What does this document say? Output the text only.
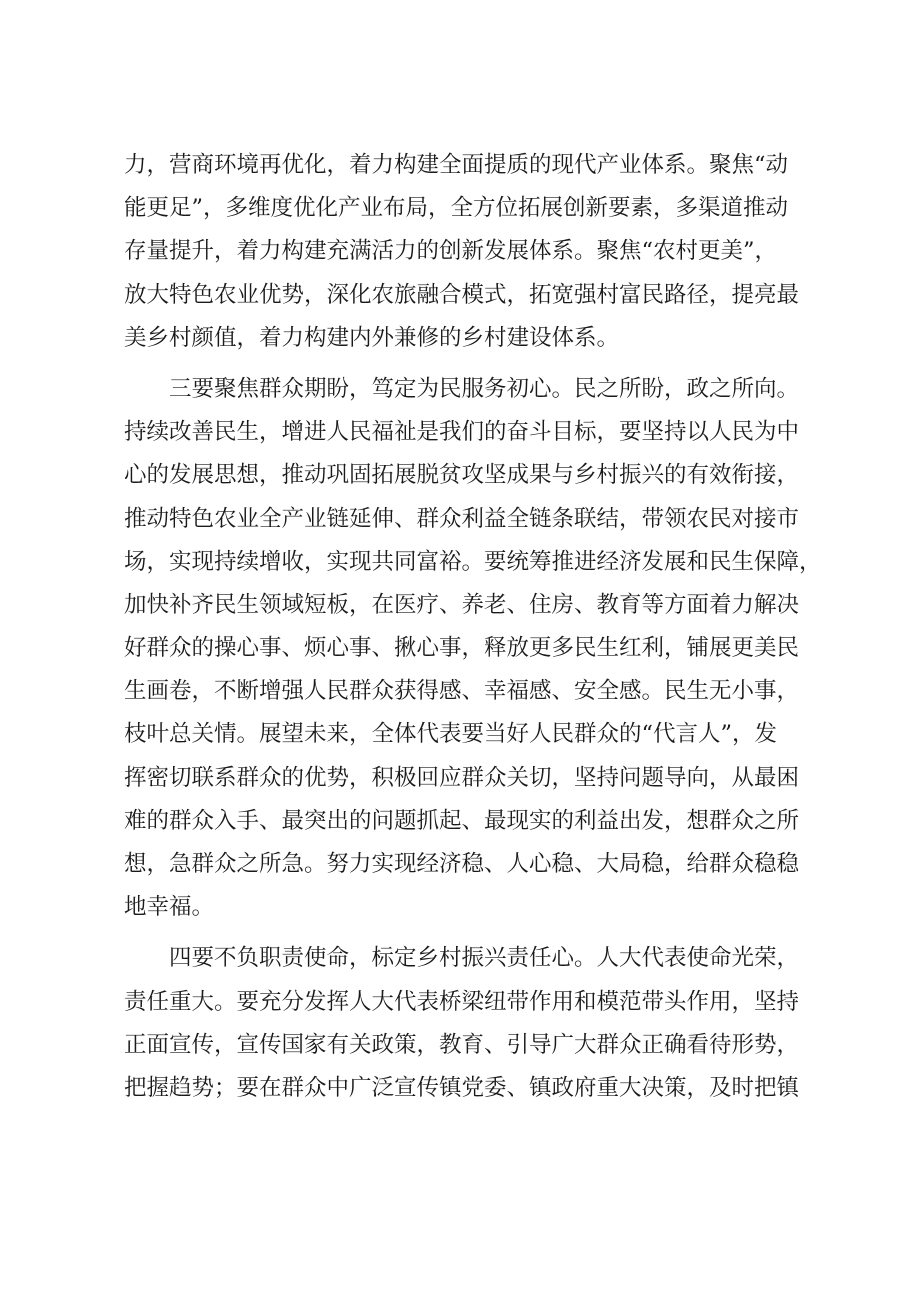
力，营商环境再优化，着力构建全面提质的现代产业体系。聚焦“动
能更足”，多维度优化产业布局，全方位拓展创新要素，多渠道推动
存量提升，着力构建充满活力的创新发展体系。聚焦“农村更美”，
放大特色农业优势，深化农旅融合模式，拓宽强村富民路径，提亮最
美乡村颜值，着力构建内外兼修的乡村建设体系。
　　三要聚焦群众期盼，笃定为民服务初心。民之所盼，政之所向。
持续改善民生，增进人民福祉是我们的奋斗目标，要坚持以人民为中
心的发展思想，推动巩固拓展脱贫攻坚成果与乡村振兴的有效衔接，
推动特色农业全产业链延伸、群众利益全链条联结，带领农民对接市
场，实现持续增收，实现共同富裕。要统筹推进经济发展和民生保障，
加快补齐民生领域短板，在医疗、养老、住房、教育等方面着力解决
好群众的操心事、烦心事、揪心事，释放更多民生红利，铺展更美民
生画卷，不断增强人民群众获得感、幸福感、安全感。民生无小事，
枝叶总关情。展望未来，全体代表要当好人民群众的“代言人”，发
挥密切联系群众的优势，积极回应群众关切，坚持问题导向，从最困
难的群众入手、最突出的问题抓起、最现实的利益出发，想群众之所
想，急群众之所急。努力实现经济稳、人心稳、大局稳，给群众稳稳
地幸福。
　　四要不负职责使命，标定乡村振兴责任心。人大代表使命光荣，
责任重大。要充分发挥人大代表桥梁纽带作用和模范带头作用，坚持
正面宣传，宣传国家有关政策，教育、引导广大群众正确看待形势，
把握趋势；要在群众中广泛宣传镇党委、镇政府重大决策，及时把镇
